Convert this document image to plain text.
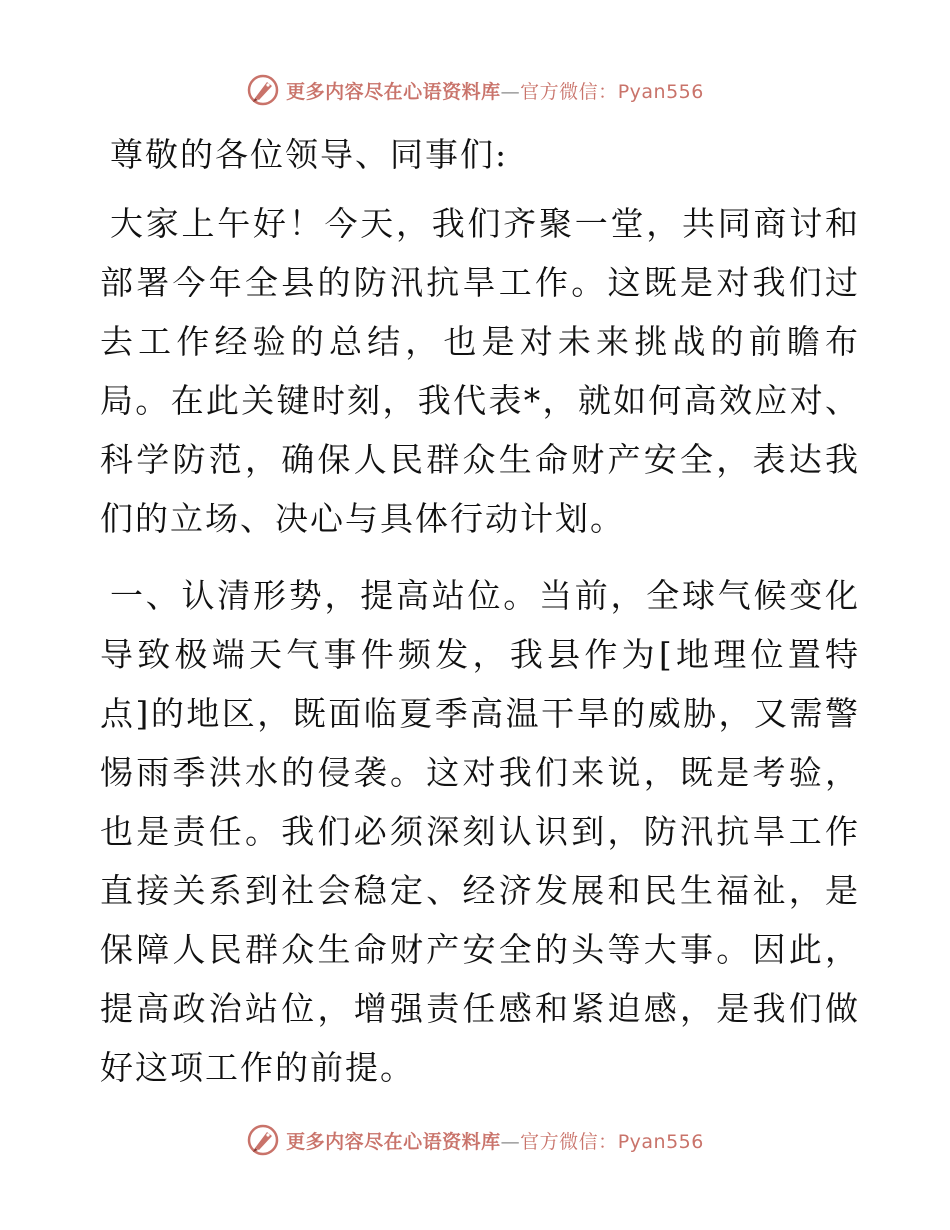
更多内容尽在心语资料库—官方微信：Pyan556

尊敬的各位领导、同事们:

大家上午好！今天，我们齐聚一堂，共同商讨和部署今年全县的防汛抗旱工作。这既是对我们过去工作经验的总结，也是对未来挑战的前瞻布局。在此关键时刻，我代表*，就如何高效应对、科学防范，确保人民群众生命财产安全，表达我们的立场、决心与具体行动计划。

一、认清形势，提高站位。当前，全球气候变化导致极端天气事件频发，我县作为[地理位置特点]的地区，既面临夏季高温干旱的威胁，又需警惕雨季洪水的侵袭。这对我们来说，既是考验，也是责任。我们必须深刻认识到，防汛抗旱工作直接关系到社会稳定、经济发展和民生福祉，是保障人民群众生命财产安全的头等大事。因此，提高政治站位，增强责任感和紧迫感，是我们做好这项工作的前提。

更多内容尽在心语资料库—官方微信：Pyan556
